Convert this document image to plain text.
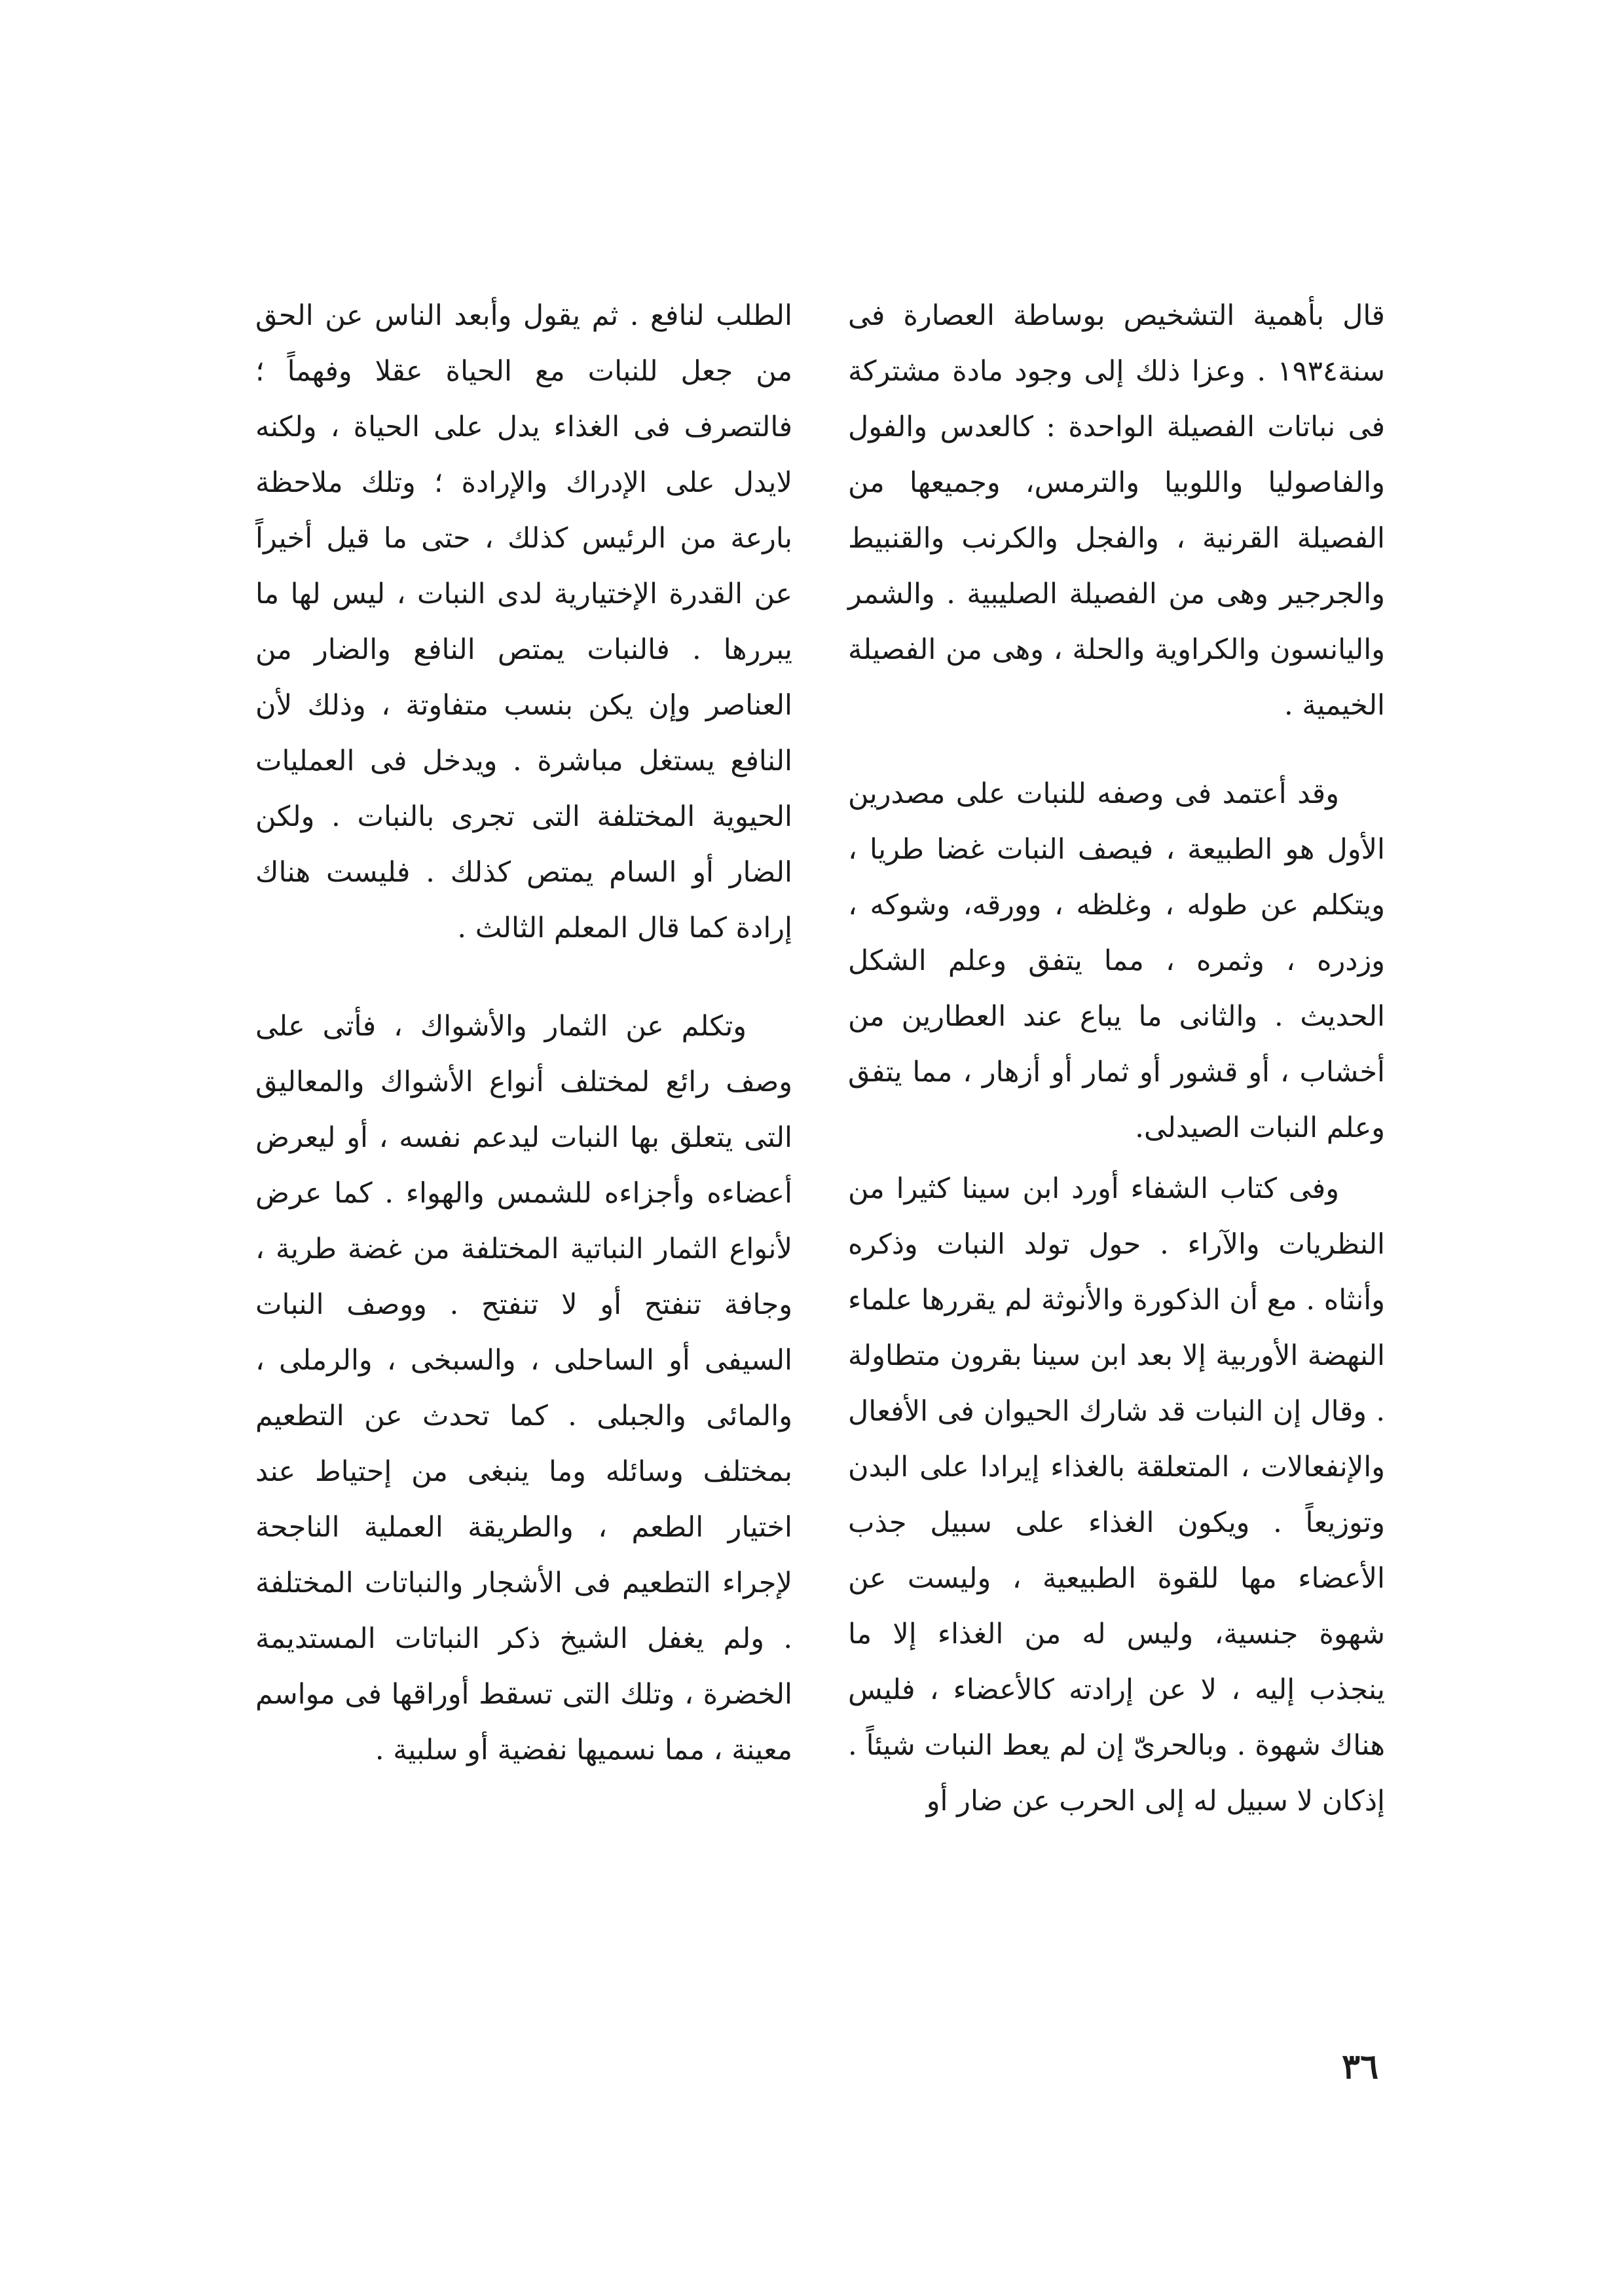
قال بأهمية التشخيص بوساطة العصارة فى سنة١٩٣٤ . وعزا ذلك إلى وجود مادة مشتركة فى نباتات الفصيلة الواحدة : كالعدس والفول والفاصوليا واللوبيا والترمس، وجميعها من الفصيلة القرنية ، والفجل والكرنب والقنبيط والجرجير وهى من الفصيلة الصليبية . والشمر واليانسون والكراوية والحلة ، وهى من الفصيلة الخيمية .

وقد أعتمد فى وصفه للنبات على مصدرين الأول هو الطبيعة ، فيصف النبات غضا طريا ، ويتكلم عن طوله ، وغلظه ، وورقه، وشوكه ، وزدره ، وثمره ، مما يتفق وعلم الشكل الحديث . والثانى ما يباع عند العطارين من أخشاب ، أو قشور أو ثمار أو أزهار ، مما يتفق وعلم النبات الصيدلى.

وفى كتاب الشفاء أورد ابن سينا كثيرا من النظريات والآراء . حول تولد النبات وذكره وأنثاه . مع أن الذكورة والأنوثة لم يقررها علماء النهضة الأوربية إلا بعد ابن سينا بقرون متطاولة . وقال إن النبات قد شارك الحيوان فى الأفعال والإنفعالات ، المتعلقة بالغذاء إيرادا على البدن وتوزيعاً . ويكون الغذاء على سبيل جذب الأعضاء مها للقوة الطبيعية ، وليست عن شهوة جنسية، وليس له من الغذاء إلا ما ينجذب إليه ، لا عن إرادته كالأعضاء ، فليس هناك شهوة . وبالحرىّ إن لم يعط النبات شيئاً . إذكان لا سبيل له إلى الحرب عن ضار أو

الطلب لنافع . ثم يقول وأبعد الناس عن الحق من جعل للنبات مع الحياة عقلا وفهماً ؛ فالتصرف فى الغذاء يدل على الحياة ، ولكنه لايدل على الإدراك والإرادة ؛ وتلك ملاحظة بارعة من الرئيس كذلك ، حتى ما قيل أخيراً عن القدرة الإختيارية لدى النبات ، ليس لها ما يبررها . فالنبات يمتص النافع والضار من العناصر وإن يكن بنسب متفاوتة ، وذلك لأن النافع يستغل مباشرة . ويدخل فى العمليات الحيوية المختلفة التى تجرى بالنبات . ولكن الضار أو السام يمتص كذلك . فليست هناك إرادة كما قال المعلم الثالث .

وتكلم عن الثمار والأشواك ، فأتى على وصف رائع لمختلف أنواع الأشواك والمعاليق التى يتعلق بها النبات ليدعم نفسه ، أو ليعرض أعضاءه وأجزاءه للشمس والهواء . كما عرض لأنواع الثمار النباتية المختلفة من غضة طرية ، وجافة تنفتح أو لا تنفتح . ووصف النبات السيفى أو الساحلى ، والسبخى ، والرملى ، والمائى والجبلى . كما تحدث عن التطعيم بمختلف وسائله وما ينبغى من إحتياط عند اختيار الطعم ، والطريقة العملية الناجحة لإجراء التطعيم فى الأشجار والنباتات المختلفة . ولم يغفل الشيخ ذكر النباتات المستديمة الخضرة ، وتلك التى تسقط أوراقها فى مواسم معينة ، مما نسميها نفضية أو سلبية .

٣٦
